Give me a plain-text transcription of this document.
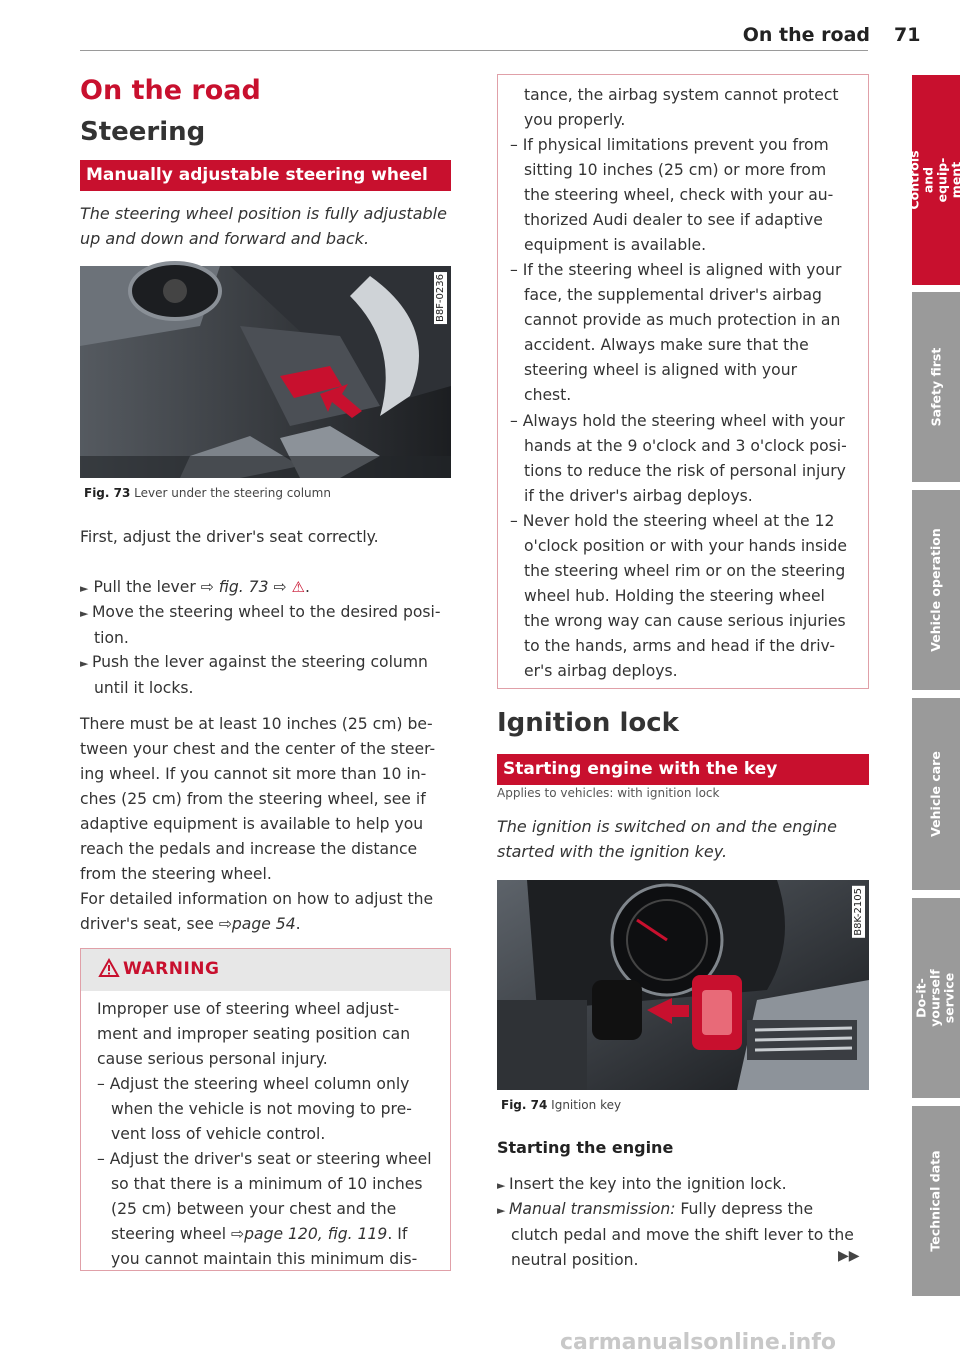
On the road 71
On the road
Steering
Manually adjustable steering wheel
The steering wheel position is fully adjustable up and down and forward and back.
B8F-0236
Fig. 73 Lever under the steering column
First, adjust the driver's seat correctly.
► Pull the lever ⇨ fig. 73 ⇨ ⚠.
► Move the steering wheel to the desired posi-
tion.
► Push the lever against the steering column
until it locks.
There must be at least 10 inches (25 cm) be-
tween your chest and the center of the steer-
ing wheel. If you cannot sit more than 10 in-
ches (25 cm) from the steering wheel, see if
adaptive equipment is available to help you
reach the pedals and increase the distance
from the steering wheel.
For detailed information on how to adjust the
driver's seat, see ⇨page 54.
WARNING
Improper use of steering wheel adjust-
ment and improper seating position can
cause serious personal injury.
– Adjust the steering wheel column only
when the vehicle is not moving to pre-
vent loss of vehicle control.
– Adjust the driver's seat or steering wheel
so that there is a minimum of 10 inches
(25 cm) between your chest and the
steering wheel ⇨page 120, fig. 119. If
you cannot maintain this minimum dis-
tance, the airbag system cannot protect
you properly.
– If physical limitations prevent you from
sitting 10 inches (25 cm) or more from
the steering wheel, check with your au-
thorized Audi dealer to see if adaptive
equipment is available.
– If the steering wheel is aligned with your
face, the supplemental driver's airbag
cannot provide as much protection in an
accident. Always make sure that the
steering wheel is aligned with your
chest.
– Always hold the steering wheel with your
hands at the 9 o'clock and 3 o'clock posi-
tions to reduce the risk of personal injury
if the driver's airbag deploys.
– Never hold the steering wheel at the 12
o'clock position or with your hands inside
the steering wheel rim or on the steering
wheel hub. Holding the steering wheel
the wrong way can cause serious injuries
to the hands, arms and head if the driv-
er's airbag deploys.
Ignition lock
Starting engine with the key
Applies to vehicles: with ignition lock
The ignition is switched on and the engine
started with the ignition key.
B8K-2105
Fig. 74 Ignition key
Starting the engine
► Insert the key into the ignition lock.
► Manual transmission: Fully depress the
clutch pedal and move the shift lever to the
neutral position.	▶▶
Controls and equip-
ment
Safety first
Vehicle operation
Vehicle care
Do-it-yourself
service
Technical data
carmanualsonline.info
